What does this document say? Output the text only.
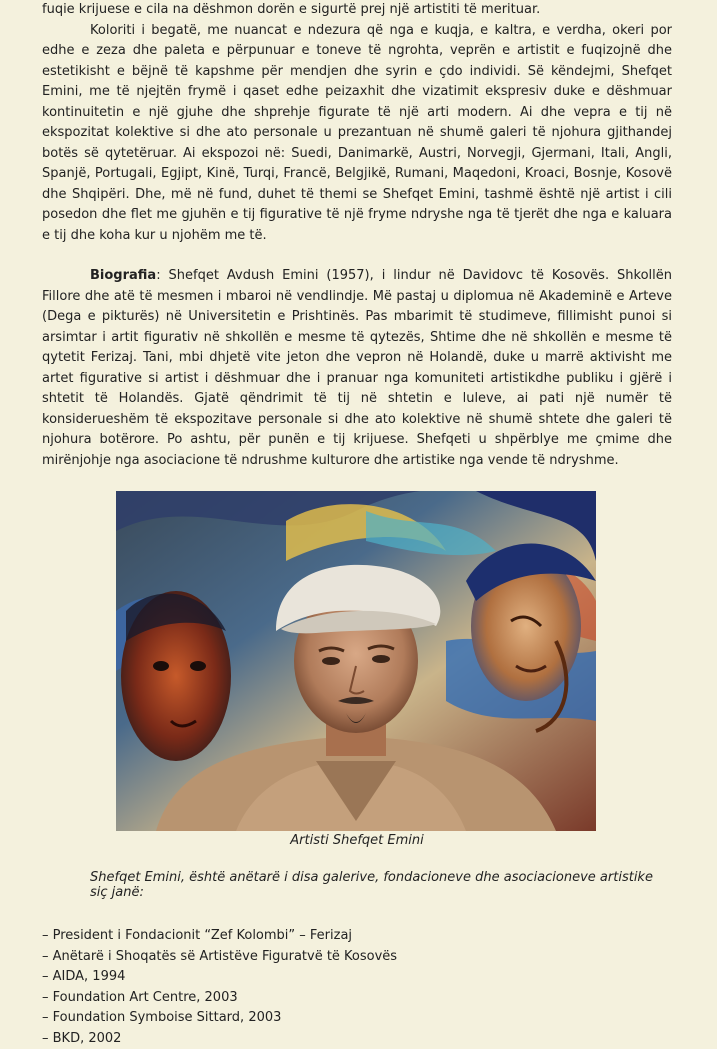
fuqie krijuese e cila na dëshmon dorën e sigurtë prej një artistiti të merituar.

Koloriti i begatë, me nuancat e ndezura që nga e kuqja, e kaltra, e verdha, okeri por edhe e zeza dhe paleta e përpunuar e toneve të ngrohta, veprën e artistit e fuqizojnë dhe estetikisht e bëjnë të kapshme për mendjen dhe syrin e çdo individi. Së këndejmi, Shefqet Emini, me të njejtën frymë i qaset edhe peizaxhit dhe vizatimit ekspresiv duke e dëshmuar kontinuitetin e një gjuhe dhe shprehje figurate të një arti modern. Ai dhe vepra e tij në ekspozitat kolektive si dhe ato personale u prezantuan në shumë galeri të njohura gjithandej botës së qytetëruar. Ai ekspozoi në: Suedi, Danimarkë, Austri, Norvegji, Gjermani, Itali, Angli, Spanjë, Portugali, Egjipt, Kinë, Turqi, Francë, Belgjikë, Rumani, Maqedoni, Kroaci, Bosnje, Kosovë dhe Shqipëri. Dhe, më në fund, duhet të themi se Shefqet Emini, tashmë është një artist i cili posedon dhe flet me gjuhën e tij figurative të një fryme ndryshe nga të tjerët dhe nga e kaluara e tij dhe koha kur u njohëm me të.

Biografia: Shefqet Avdush Emini (1957), i lindur në Davidovc të Kosovës. Shkollën Fillore dhe atë të mesmen i mbaroi në vendlindje. Më pastaj u diplomua në Akademinë e Arteve (Dega e pikturës) në Universitetin e Prishtinës. Pas mbarimit të studimeve, fillimisht punoi si arsimtar i artit figurativ në shkollën e mesme të qytezës, Shtime dhe në shkollën e mesme të qytetit Ferizaj. Tani, mbi dhjetë vite jeton dhe vepron në Holandë, duke u marrë aktivisht me artet figurative si artist i dëshmuar dhe i pranuar nga komuniteti artistikdhe publiku i gjërë i shtetit të Holandës. Gjatë qëndrimit të tij në shtetin e luleve, ai pati një numër të konsiderueshëm të ekspozitave personale si dhe ato kolektive në shumë shtete dhe galeri të njohura botërore. Po ashtu, për punën e tij krijuese. Shefqeti u shpërblye me çmime dhe mirënjohje nga asociacione të ndrushme kulturore dhe artistike nga vende të ndryshme.

Artisti Shefqet Emini
Shefqet Emini, është anëtarë i disa galerive, fondacioneve dhe asociacioneve artistike siç janë:
– President i Fondacionit “Zef Kolombi” – Ferizaj
– Anëtarë i Shoqatës së Artistëve Figuratvë të Kosovës
– AIDA, 1994
– Foundation Art Centre, 2003
– Foundation Symboise Sittard, 2003
– BKD, 2002
